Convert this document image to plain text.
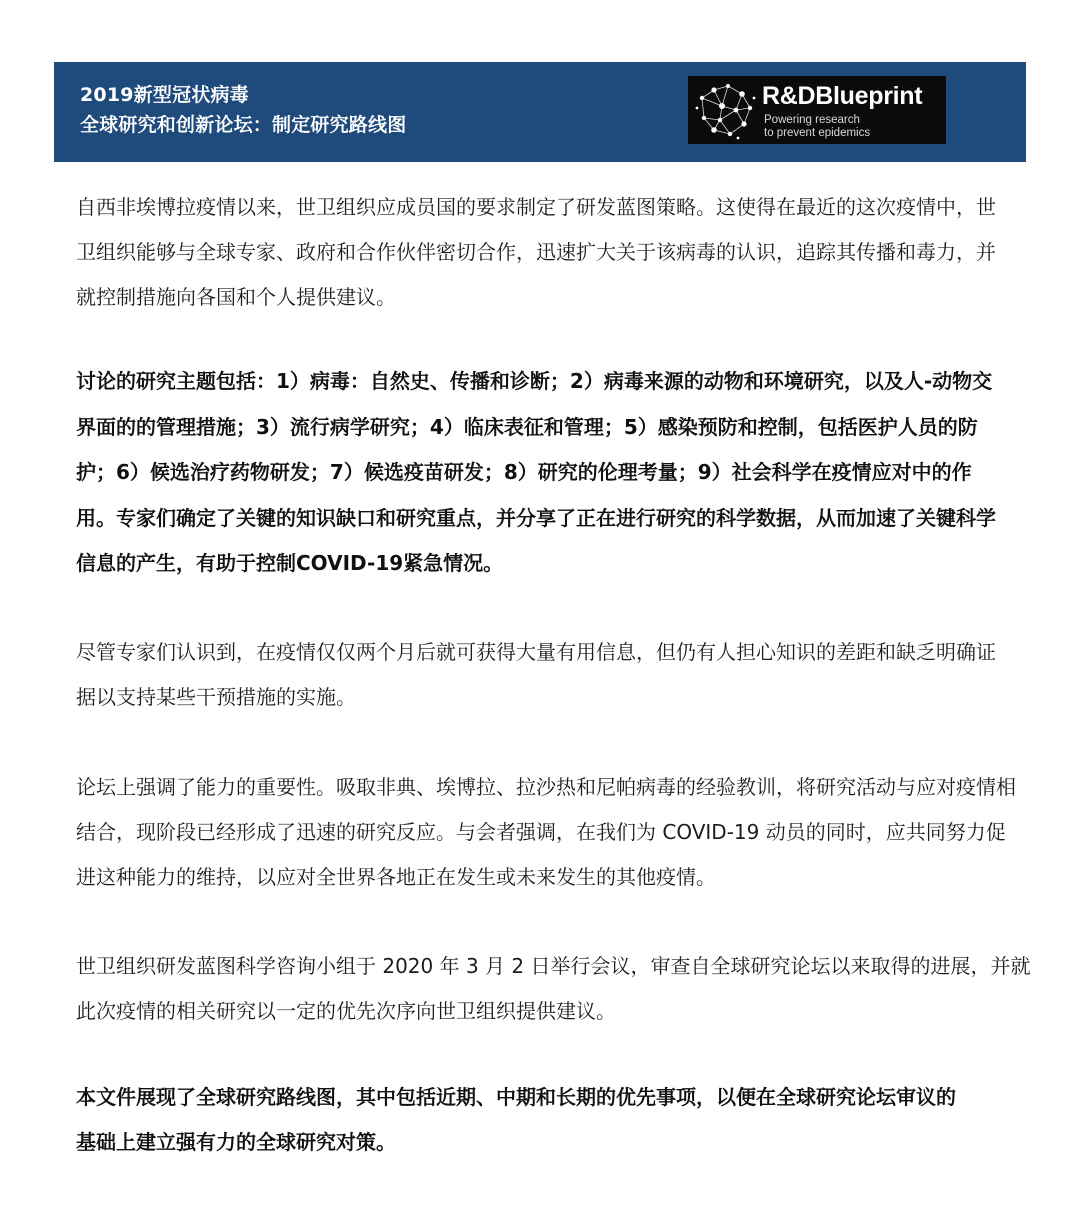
2019新型冠状病毒
全球研究和创新论坛：制定研究路线图
R&DBlueprint
Powering research
to prevent epidemics

自西非埃博拉疫情以来，世卫组织应成员国的要求制定了研发蓝图策略。这使得在最近的这次疫情中，世卫组织能够与全球专家、政府和合作伙伴密切合作，迅速扩大关于该病毒的认识，追踪其传播和毒力，并就控制措施向各国和个人提供建议。

讨论的研究主题包括：1）病毒：自然史、传播和诊断；2）病毒来源的动物和环境研究，以及人-动物交界面的的管理措施；3）流行病学研究；4）临床表征和管理；5）感染预防和控制，包括医护人员的防护；6）候选治疗药物研发；7）候选疫苗研发；8）研究的伦理考量；9）社会科学在疫情应对中的作用。专家们确定了关键的知识缺口和研究重点，并分享了正在进行研究的科学数据，从而加速了关键科学信息的产生，有助于控制COVID-19紧急情况。

尽管专家们认识到，在疫情仅仅两个月后就可获得大量有用信息，但仍有人担心知识的差距和缺乏明确证据以支持某些干预措施的实施。

论坛上强调了能力的重要性。吸取非典、埃博拉、拉沙热和尼帕病毒的经验教训，将研究活动与应对疫情相结合，现阶段已经形成了迅速的研究反应。与会者强调，在我们为 COVID-19 动员的同时，应共同努力促进这种能力的维持，以应对全世界各地正在发生或未来发生的其他疫情。

世卫组织研发蓝图科学咨询小组于 2020 年 3 月 2 日举行会议，审查自全球研究论坛以来取得的进展，并就此次疫情的相关研究以一定的优先次序向世卫组织提供建议。

本文件展现了全球研究路线图，其中包括近期、中期和长期的优先事项，以便在全球研究论坛审议的基础上建立强有力的全球研究对策。
